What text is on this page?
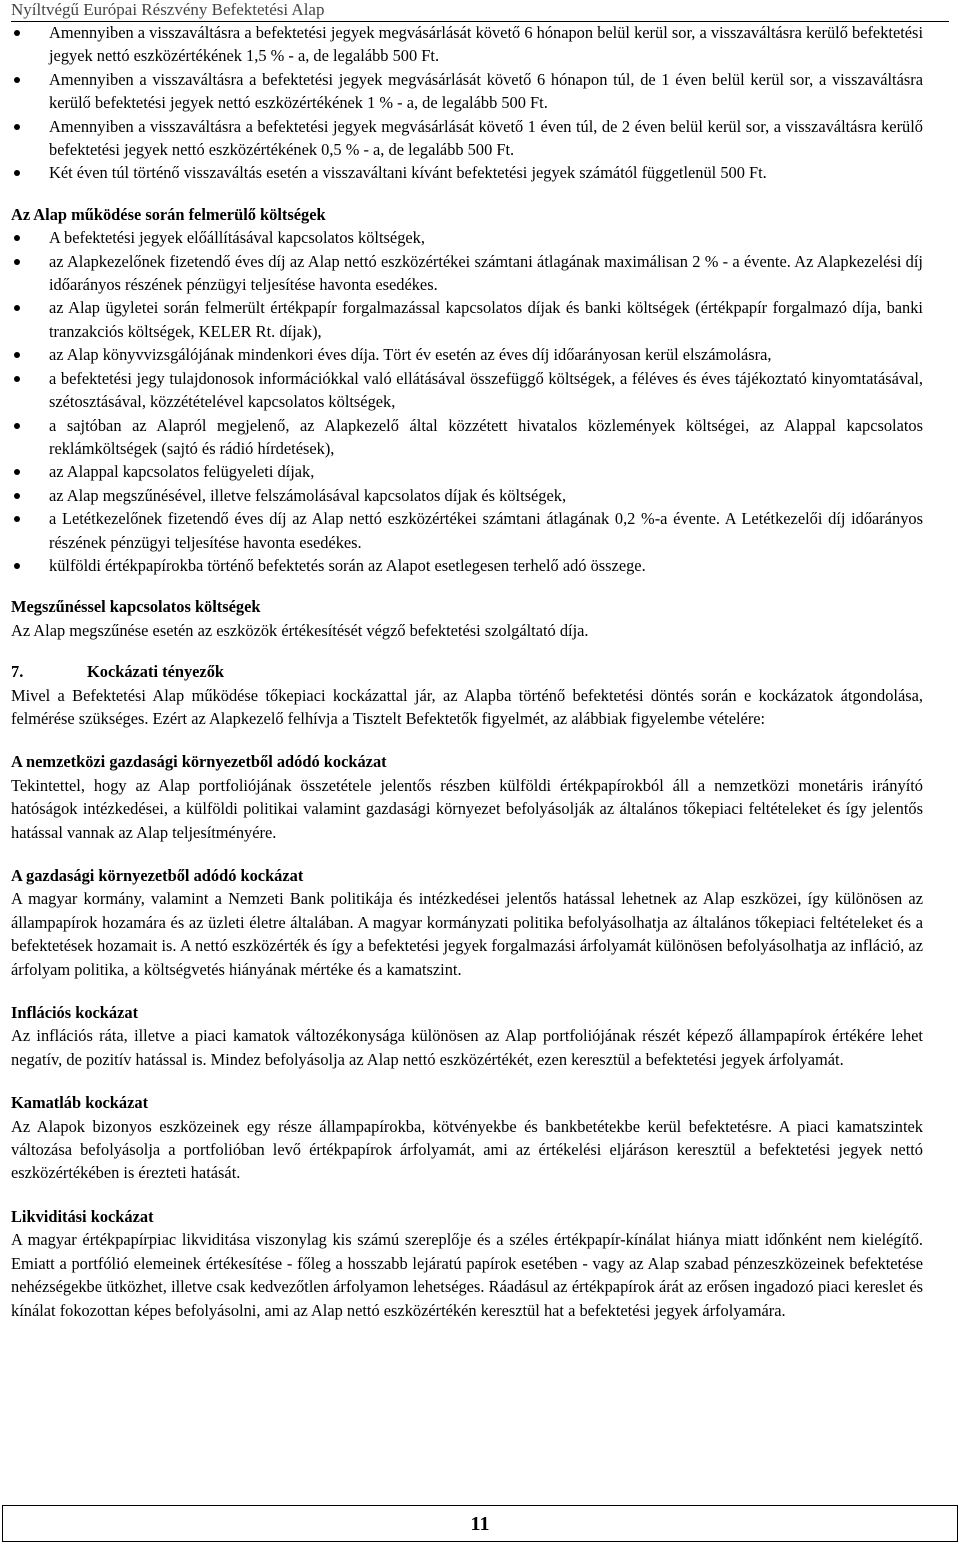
Nyíltvégű Európai Részvény Befektetési Alap
Amennyiben a visszaváltásra a befektetési jegyek megvásárlását követő 6 hónapon belül kerül sor, a visszaváltásra kerülő befektetési jegyek nettó eszközértékének 1,5 % - a, de legalább 500 Ft.
Amennyiben a visszaváltásra a befektetési jegyek megvásárlását követő 6 hónapon túl, de 1 éven belül kerül sor, a visszaváltásra kerülő befektetési jegyek nettó eszközértékének 1 % - a, de legalább 500 Ft.
Amennyiben a visszaváltásra a befektetési jegyek megvásárlását követő 1 éven túl, de 2 éven belül kerül sor, a visszaváltásra kerülő befektetési jegyek nettó eszközértékének 0,5 % - a, de legalább 500 Ft.
Két éven túl történő visszaváltás esetén a visszaváltani kívánt befektetési jegyek számától függetlenül 500 Ft.
Az Alap működése során felmerülő költségek
A befektetési jegyek előállításával kapcsolatos költségek,
az Alapkezelőnek fizetendő éves díj az Alap nettó eszközértékei számtani átlagának maximálisan 2 % - a évente. Az Alapkezelési díj időarányos részének pénzügyi teljesítése havonta esedékes.
az Alap ügyletei során felmerült értékpapír forgalmazással kapcsolatos díjak és banki költségek (értékpapír forgalmazó díja, banki tranzakciós költségek, KELER Rt. díjak),
az Alap könyvvizsgálójának mindenkori éves díja. Tört év esetén az éves díj időarányosan kerül elszámolásra,
a befektetési jegy tulajdonosok információkkal való ellátásával összefüggő költségek, a féléves és éves tájékoztató kinyomtatásával, szétosztásával, közzétételével kapcsolatos költségek,
a sajtóban az Alapról megjelenő, az Alapkezelő által közzétett hivatalos közlemények költségei, az Alappal kapcsolatos reklámköltségek (sajtó és rádió hírdetések),
az Alappal kapcsolatos felügyeleti díjak,
az Alap megszűnésével, illetve felszámolásával kapcsolatos díjak és költségek,
a Letétkezelőnek fizetendő éves díj az Alap nettó eszközértékei számtani átlagának 0,2 %-a évente. A Letétkezelői díj időarányos részének pénzügyi teljesítése havonta esedékes.
külföldi értékpapírokba történő befektetés során az Alapot esetlegesen terhelő adó összege.
Megszűnéssel kapcsolatos költségek

Az Alap megszűnése esetén az eszközök értékesítését végző befektetési szolgáltató díja.

7.	Kockázati tényezők

Mivel a Befektetési Alap működése tőkepiaci kockázattal jár, az Alapba történő befektetési döntés során e kockázatok átgondolása, felmérése szükséges. Ezért az Alapkezelő felhívja a Tisztelt Befektetők figyelmét, az alábbiak figyelembe vételére:

A nemzetközi gazdasági környezetből adódó kockázat

Tekintettel, hogy az Alap portfoliójának összetétele jelentős részben külföldi értékpapírokból áll a nemzetközi monetáris irányító hatóságok intézkedései, a külföldi politikai valamint gazdasági környezet befolyásolják az általános tőkepiaci feltételeket és így jelentős hatással vannak az Alap teljesítményére.

A gazdasági környezetből adódó kockázat

A magyar kormány, valamint a Nemzeti Bank politikája és intézkedései jelentős hatással lehetnek az Alap eszközei, így különösen az állampapírok hozamára és az üzleti életre általában. A magyar kormányzati politika befolyásolhatja az általános tőkepiaci feltételeket és a befektetések hozamait is. A nettó eszközérték és így a befektetési jegyek forgalmazási árfolyamát különösen befolyásolhatja az infláció, az árfolyam politika, a költségvetés hiányának mértéke és a kamatszint.

Inflációs kockázat

Az inflációs ráta, illetve a piaci kamatok változékonysága különösen az Alap portfoliójának részét képező állampapírok értékére lehet negatív, de pozitív hatással is. Mindez befolyásolja az Alap nettó eszközértékét, ezen keresztül a befektetési jegyek árfolyamát.

Kamatláb kockázat

Az Alapok bizonyos eszközeinek egy része állampapírokba, kötvényekbe és bankbetétekbe kerül befektetésre. A piaci kamatszintek változása befolyásolja a portfolióban levő értékpapírok árfolyamát, ami az értékelési eljáráson keresztül a befektetési jegyek nettó eszközértékében is érezteti hatását.

Likviditási kockázat

A magyar értékpapírpiac likviditása viszonylag kis számú szereplője és a széles értékpapír-kínálat hiánya miatt időnként nem kielégítő. Emiatt a portfólió elemeinek értékesítése - főleg a hosszabb lejáratú papírok esetében - vagy az Alap szabad pénzeszközeinek befektetése nehézségekbe ütközhet, illetve csak kedvezőtlen árfolyamon lehetséges. Ráadásul az értékpapírok árát az erősen ingadozó piaci kereslet és kínálat fokozottan képes befolyásolni, ami az Alap nettó eszközértékén keresztül hat a befektetési jegyek árfolyamára.

11
